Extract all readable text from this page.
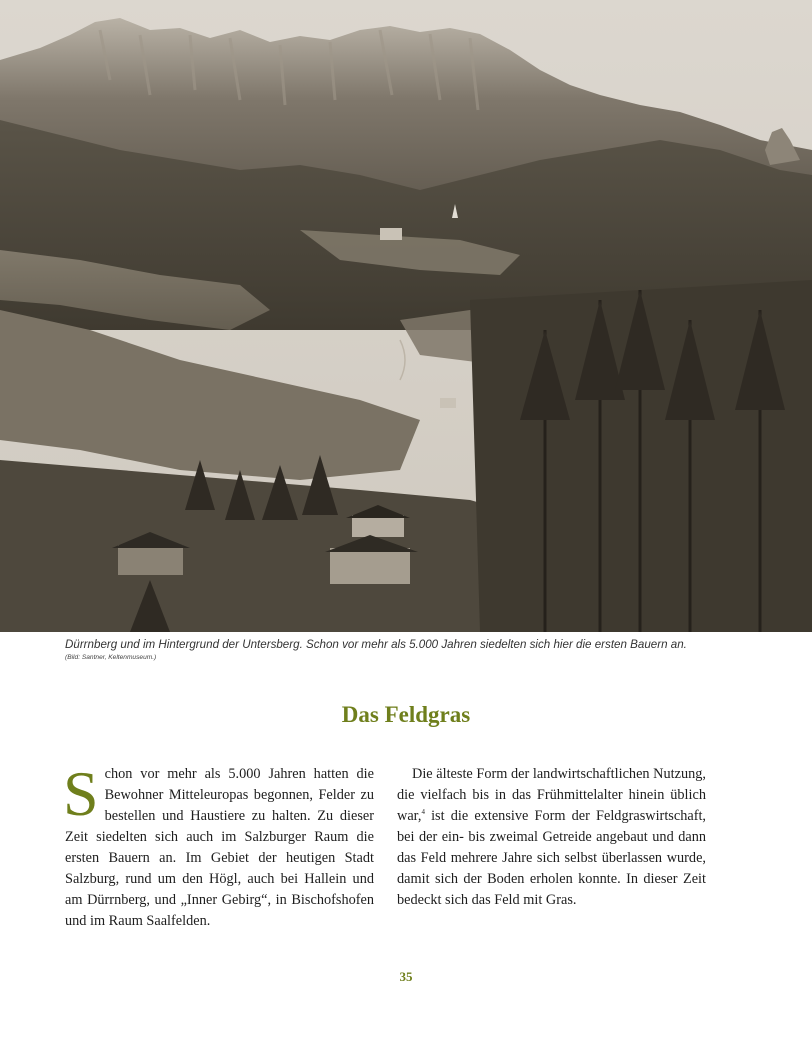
Dürrnberg und im Hintergrund der Untersberg. Schon vor mehr als 5.000 Jahren siedelten sich hier die ersten Bauern an.
(Bild: Santner, Keltenmuseum.)
Das Feldgras

Schon vor mehr als 5.000 Jahren hatten die Bewohner Mitteleuropas begonnen, Felder zu bestellen und Haustiere zu halten. Zu dieser Zeit siedelten sich auch im Salzburger Raum die ersten Bauern an. Im Gebiet der heutigen Stadt Salzburg, rund um den Högl, auch bei Hallein und am Dürrnberg, und „Inner Gebirg“, in Bischofshofen und im Raum Saalfelden.

Die älteste Form der landwirtschaftlichen Nutzung, die vielfach bis in das Frühmittelalter hinein üblich war,$^4$ ist die extensive Form der Feldgraswirtschaft, bei der ein- bis zweimal Getreide angebaut und dann das Feld mehrere Jahre sich selbst überlassen wurde, damit sich der Boden erholen konnte. In dieser Zeit bedeckt sich das Feld mit Gras.

35
